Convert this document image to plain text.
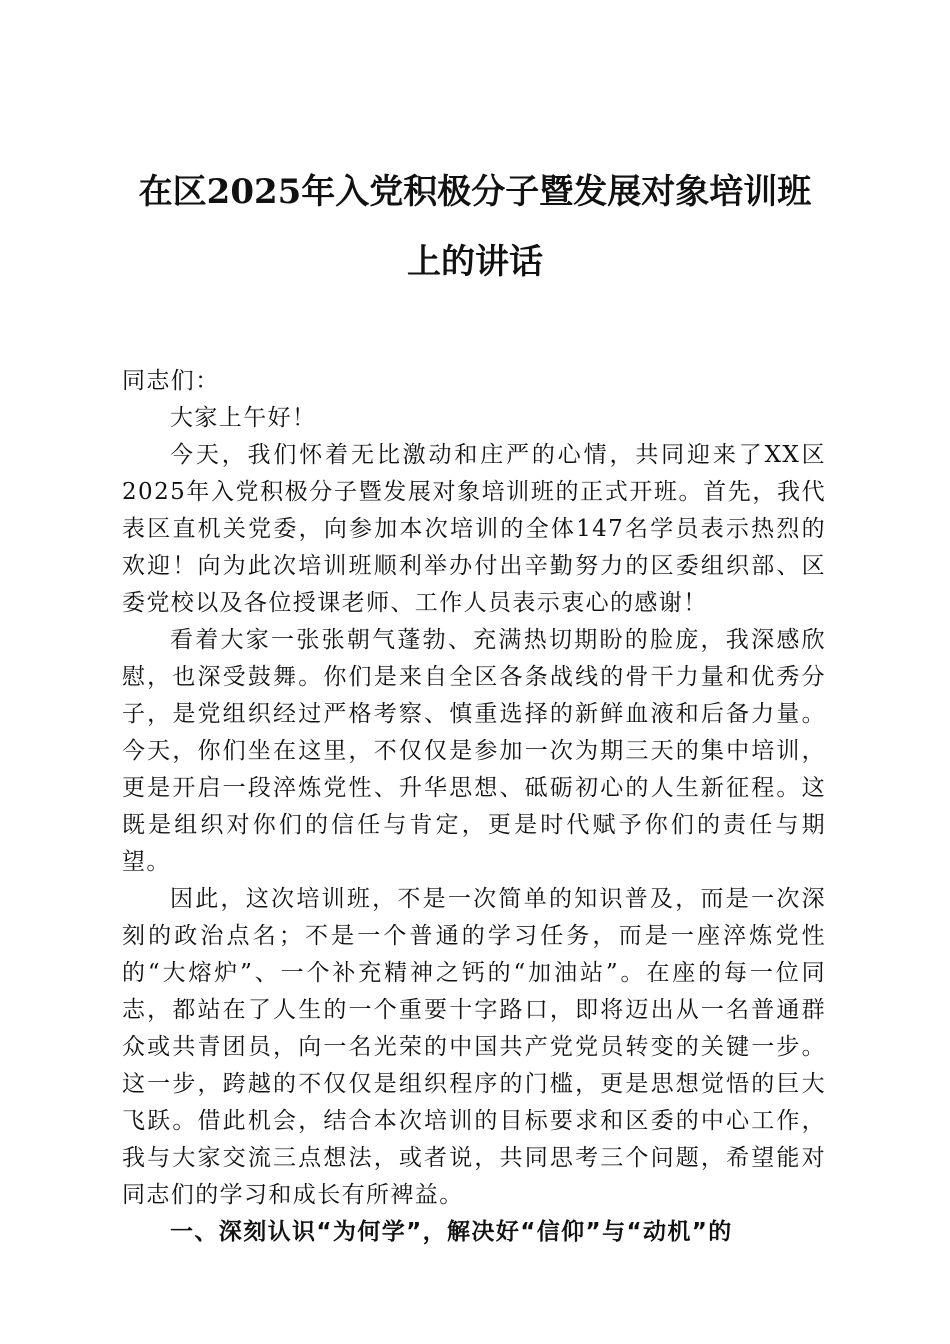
在区2025年入党积极分子暨发展对象培训班
上的讲话

同志们：

大家上午好！

今天，我们怀着无比激动和庄严的心情，共同迎来了XX区2025年入党积极分子暨发展对象培训班的正式开班。首先，我代表区直机关党委，向参加本次培训的全体147名学员表示热烈的欢迎！向为此次培训班顺利举办付出辛勤努力的区委组织部、区委党校以及各位授课老师、工作人员表示衷心的感谢！

看着大家一张张朝气蓬勃、充满热切期盼的脸庞，我深感欣慰，也深受鼓舞。你们是来自全区各条战线的骨干力量和优秀分子，是党组织经过严格考察、慎重选择的新鲜血液和后备力量。今天，你们坐在这里，不仅仅是参加一次为期三天的集中培训，更是开启一段淬炼党性、升华思想、砥砺初心的人生新征程。这既是组织对你们的信任与肯定，更是时代赋予你们的责任与期望。

因此，这次培训班，不是一次简单的知识普及，而是一次深刻的政治点名；不是一个普通的学习任务，而是一座淬炼党性的“大熔炉”、一个补充精神之钙的“加油站”。在座的每一位同志，都站在了人生的一个重要十字路口，即将迈出从一名普通群众或共青团员，向一名光荣的中国共产党党员转变的关键一步。这一步，跨越的不仅仅是组织程序的门槛，更是思想觉悟的巨大飞跃。借此机会，结合本次培训的目标要求和区委的中心工作，我与大家交流三点想法，或者说，共同思考三个问题，希望能对同志们的学习和成长有所裨益。

一、深刻认识“为何学”，解决好“信仰”与“动机”的
